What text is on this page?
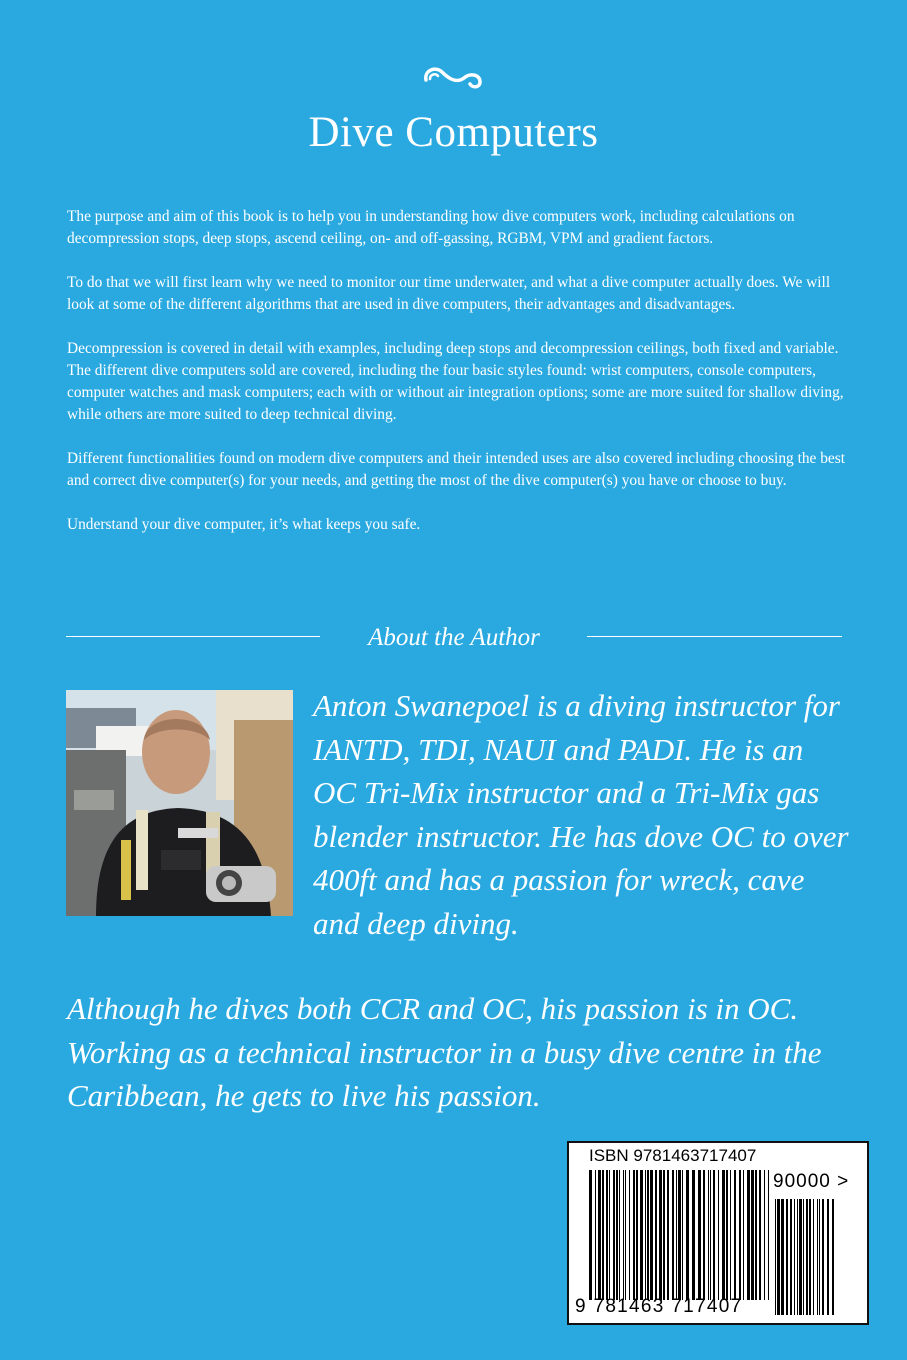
Dive Computers

The purpose and aim of this book is to help you in understanding how dive computers work, including calculations on decompression stops, deep stops, ascend ceiling, on- and off-gassing, RGBM, VPM and gradient factors.

To do that we will first learn why we need to monitor our time underwater, and what a dive computer actually does. We will look at some of the different algorithms that are used in dive computers, their advantages and disadvantages.

Decompression is covered in detail with examples, including deep stops and decompression ceilings, both fixed and variable. The different dive computers sold are covered, including the four basic styles found: wrist computers, console computers, computer watches and mask computers; each with or without air integration options; some are more suited for shallow diving, while others are more suited to deep technical diving.

Different functionalities found on modern dive computers and their intended uses are also covered including choosing the best and correct dive computer(s) for your needs, and getting the most of the dive computer(s) you have or choose to buy.

Understand your dive computer, it’s what keeps you safe.

About the Author
Anton Swanepoel is a diving instructor for IANTD, TDI, NAUI and PADI. He is an OC Tri-Mix instructor and a Tri-Mix gas blender instructor. He has dove OC to over 400ft and has a passion for wreck, cave and deep diving.
Although he dives both CCR and OC, his passion is in OC. Working as a technical instructor in a busy dive centre in the Caribbean, he gets to live his passion.
ISBN 9781463717407
90000 >
9 781463 717407
